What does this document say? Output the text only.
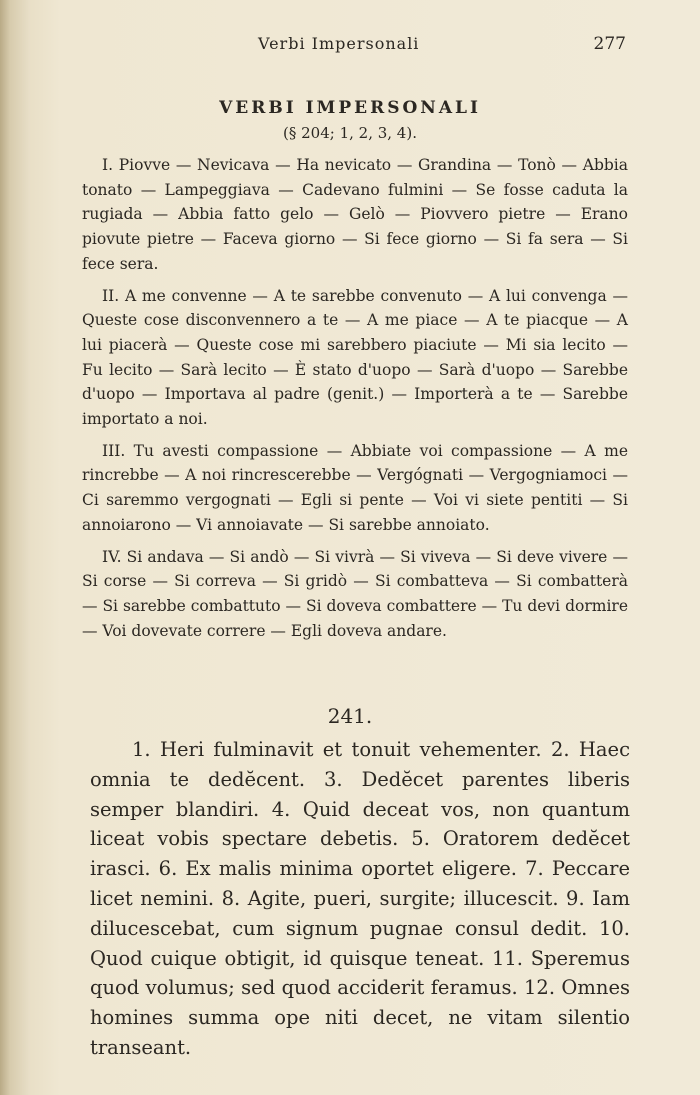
Verbi Impersonali	277
VERBI IMPERSONALI
(§ 204; 1, 2, 3, 4).

I. Piovve — Nevicava — Ha nevicato — Grandina — Tonò — Abbia tonato — Lampeggiava — Cadevano fulmini — Se fosse caduta la rugiada — Abbia fatto gelo — Gelò — Piovvero pietre — Erano piovute pietre — Faceva giorno — Si fece giorno — Si fa sera — Si fece sera.

II. A me convenne — A te sarebbe convenuto — A lui convenga — Queste cose disconvennero a te — A me piace — A te piacque — A lui piacerà — Queste cose mi sarebbero piaciute — Mi sia lecito — Fu lecito — Sarà lecito — È stato d'uopo — Sarà d'uopo — Sarebbe d'uopo — Importava al padre (genit.) — Importerà a te — Sarebbe importato a noi.

III. Tu avesti compassione — Abbiate voi compassione — A me rincrebbe — A noi rincrescerebbe — Vergógnati — Vergogniamoci — Ci saremmo vergognati — Egli si pente — Voi vi siete pentiti — Si annoiarono — Vi annoiavate — Si sarebbe annoiato.

IV. Si andava — Si andò — Si vivrà — Si viveva — Si deve vivere — Si corse — Si correva — Si gridò — Si combatteva — Si combatterà — Si sarebbe combattuto — Si doveva combattere — Tu devi dormire — Voi dovevate correre — Egli doveva andare.

241.
1. Heri fulminavit et tonuit vehementer. 2. Haec omnia te dedĕcent. 3. Dedĕcet parentes liberis semper blandiri. 4. Quid deceat vos, non quantum liceat vobis spectare debetis. 5. Oratorem dedĕcet irasci. 6. Ex malis minima oportet eligere. 7. Peccare licet nemini. 8. Agite, pueri, surgite; illucescit. 9. Iam dilucescebat, cum signum pugnae consul dedit. 10. Quod cuique obtigit, id quisque teneat. 11. Speremus quod volumus; sed quod acciderit feramus. 12. Omnes homines summa ope niti decet, ne vitam silentio transeant.
